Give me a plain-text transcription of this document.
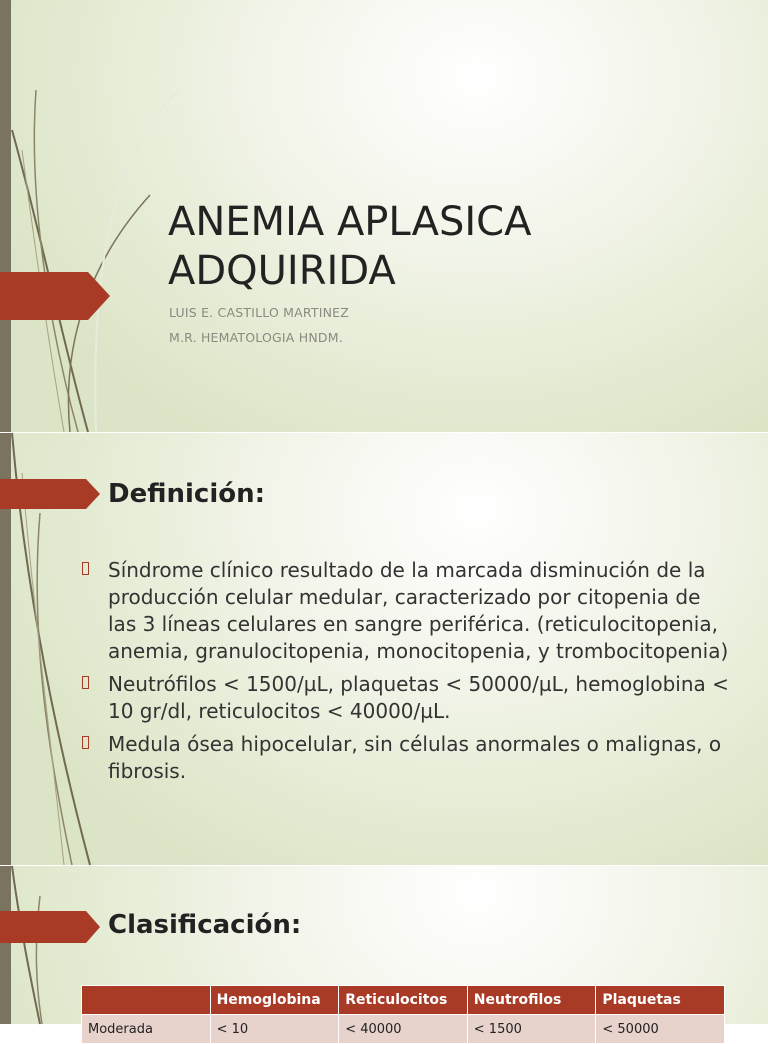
ANEMIA APLASICA
ADQUIRIDA
LUIS E. CASTILLO MARTINEZ
M.R. HEMATOLOGIA HNDM.
Definición:
Síndrome clínico resultado de la marcada disminución de la producción celular medular, caracterizado por citopenia de las 3 líneas celulares en sangre periférica. (reticulocitopenia, anemia, granulocitopenia, monocitopenia, y trombocitopenia)
Neutrófilos < 1500/µL, plaquetas < 50000/µL, hemoglobina < 10 gr/dl, reticulocitos < 40000/µL.
Medula ósea hipocelular, sin células anormales o malignas, o fibrosis.
Clasificación:
	Hemoglobina	Reticulocitos	Neutrofilos	Plaquetas
Moderada	< 10	< 40000	< 1500	< 50000
